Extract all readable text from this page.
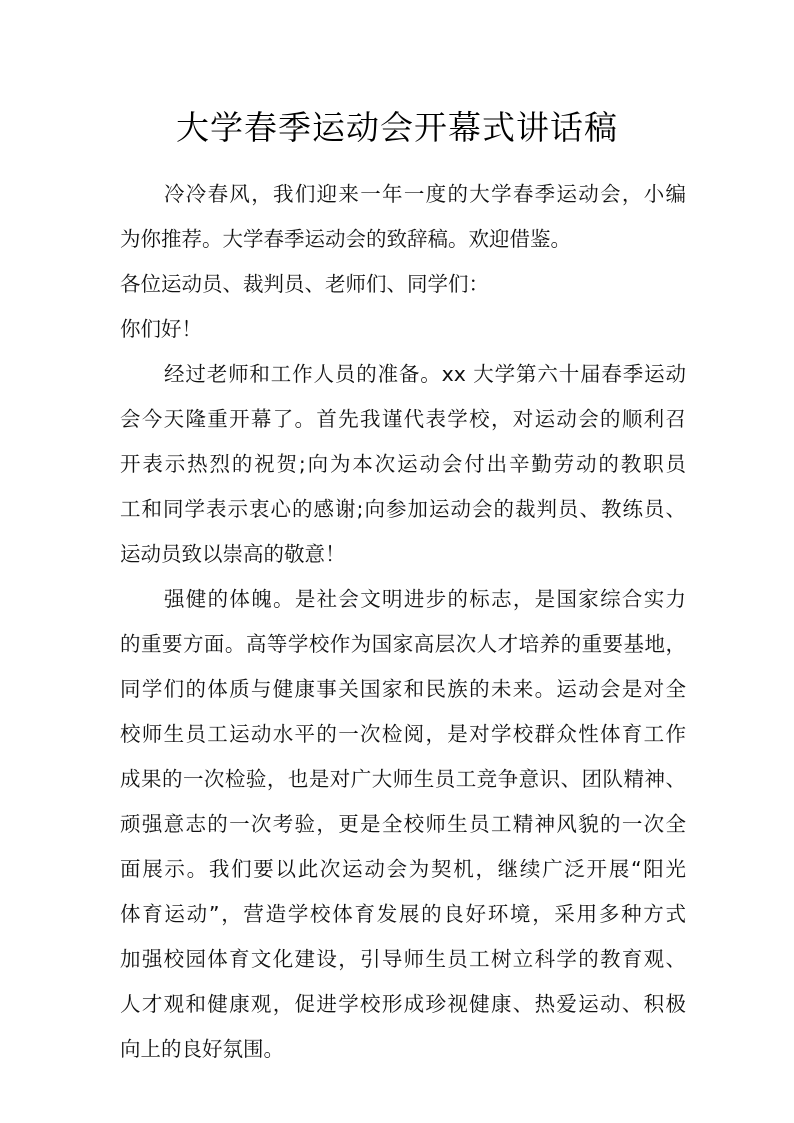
大学春季运动会开幕式讲话稿
冷冷春风，我们迎来一年一度的大学春季运动会，小编
为你推荐。大学春季运动会的致辞稿。欢迎借鉴。
各位运动员、裁判员、老师们、同学们：
你们好！
经过老师和工作人员的准备。xx 大学第六十届春季运动
会今天隆重开幕了。首先我谨代表学校，对运动会的顺利召
开表示热烈的祝贺;向为本次运动会付出辛勤劳动的教职员
工和同学表示衷心的感谢;向参加运动会的裁判员、教练员、
运动员致以崇高的敬意！
强健的体魄。是社会文明进步的标志，是国家综合实力
的重要方面。高等学校作为国家高层次人才培养的重要基地，
同学们的体质与健康事关国家和民族的未来。运动会是对全
校师生员工运动水平的一次检阅，是对学校群众性体育工作
成果的一次检验，也是对广大师生员工竞争意识、团队精神、
顽强意志的一次考验，更是全校师生员工精神风貌的一次全
面展示。我们要以此次运动会为契机，继续广泛开展“阳光
体育运动”，营造学校体育发展的良好环境，采用多种方式
加强校园体育文化建设，引导师生员工树立科学的教育观、
人才观和健康观，促进学校形成珍视健康、热爱运动、积极
向上的良好氛围。
